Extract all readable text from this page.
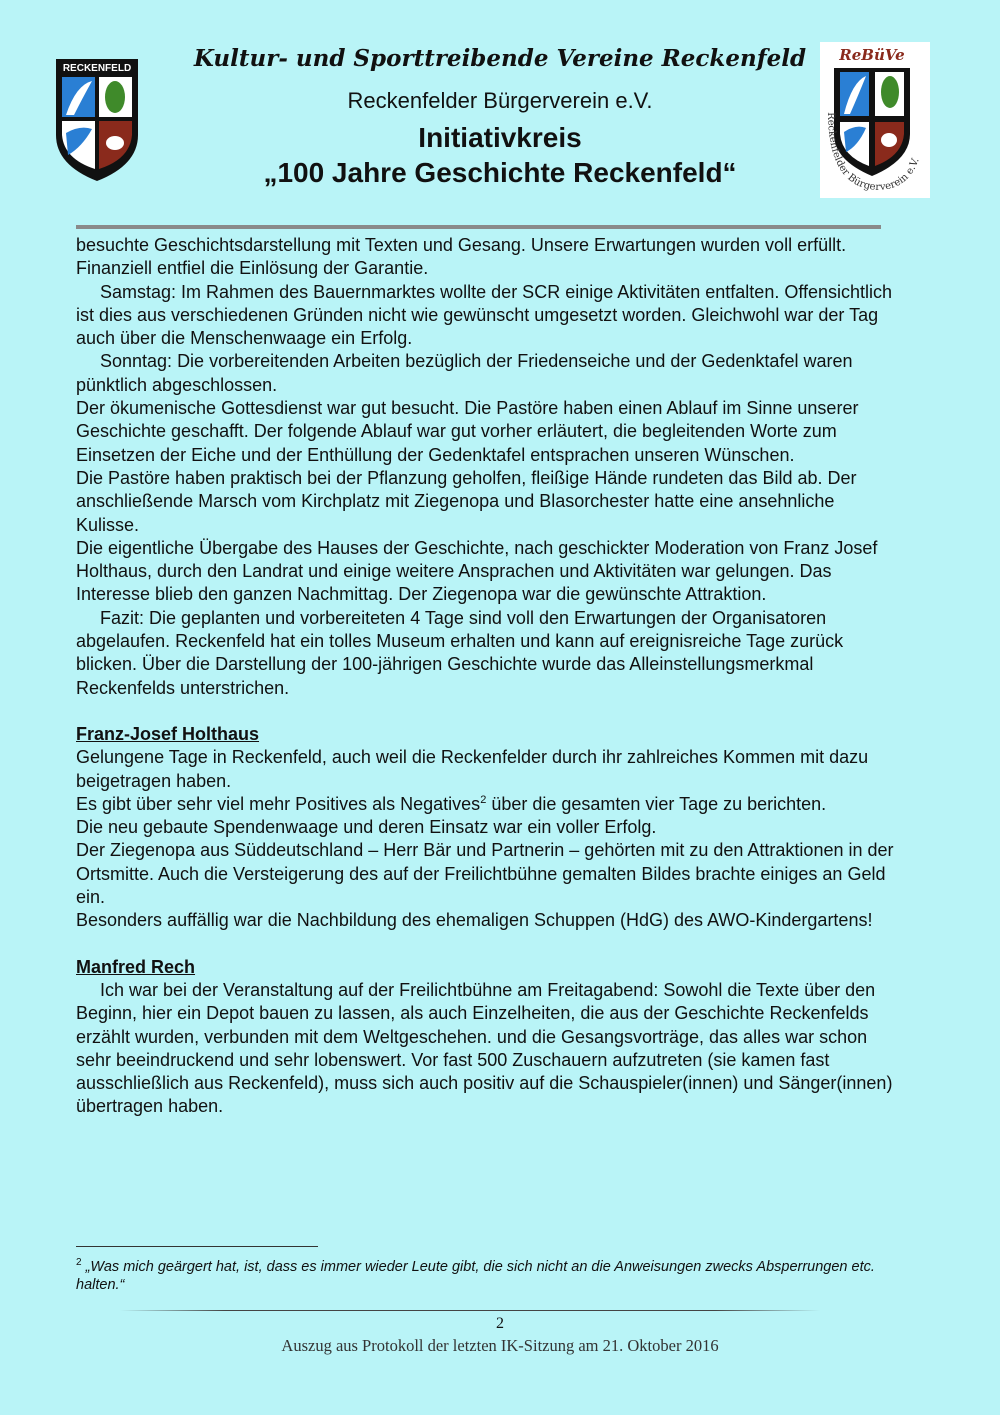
RECKENFELD
ReBüVe
Reckenfelder Bürgerverein e.V.
Kultur- und Sporttreibende Vereine Reckenfeld
Reckenfelder Bürgerverein e.V.
Initiativkreis
„100 Jahre Geschichte Reckenfeld“

besuchte Geschichtsdarstellung mit Texten und Gesang. Unsere Erwartungen wurden voll erfüllt. Finanziell entfiel die Einlösung der Garantie.

Samstag: Im Rahmen des Bauernmarktes wollte der SCR einige Aktivitäten entfalten. Offensichtlich ist dies aus verschiedenen Gründen nicht wie gewünscht umgesetzt worden. Gleichwohl war der Tag auch über die Menschenwaage ein Erfolg.

Sonntag: Die vorbereitenden Arbeiten bezüglich der Friedenseiche und der Gedenktafel waren pünktlich abgeschlossen.

Der ökumenische Gottesdienst war gut besucht. Die Pastöre haben einen Ablauf im Sinne unserer Geschichte geschafft. Der folgende Ablauf war gut vorher erläutert, die begleitenden Worte zum Einsetzen der Eiche und der Enthüllung der Gedenktafel entsprachen unseren Wünschen.

Die Pastöre haben praktisch bei der Pflanzung geholfen, fleißige Hände rundeten das Bild ab. Der anschließende Marsch vom Kirchplatz mit Ziegenopa und Blasorchester hatte eine ansehnliche Kulisse.

Die eigentliche Übergabe des Hauses der Geschichte, nach geschickter Moderation von Franz Josef Holthaus, durch den Landrat und einige weitere Ansprachen und Aktivitäten war gelungen. Das Interesse blieb den ganzen Nachmittag. Der Ziegenopa war die gewünschte Attraktion.

Fazit: Die geplanten und vorbereiteten 4 Tage sind voll den Erwartungen der Organisatoren abgelaufen. Reckenfeld hat ein tolles Museum erhalten und kann auf ereignisreiche Tage zurück blicken. Über die Darstellung der 100-jährigen Geschichte wurde das Alleinstellungsmerkmal Reckenfelds unterstrichen.

Franz-Josef Holthaus

Gelungene Tage in Reckenfeld, auch weil die Reckenfelder durch ihr zahlreiches Kommen mit dazu beigetragen haben.

Es gibt über sehr viel mehr Positives als Negatives$^2$ über die gesamten vier Tage zu berichten.

Die neu gebaute Spendenwaage und deren Einsatz war ein voller Erfolg.

Der Ziegenopa aus Süddeutschland – Herr Bär und Partnerin – gehörten mit zu den Attraktionen in der Ortsmitte. Auch die Versteigerung des auf der Freilichtbühne gemalten Bildes brachte einiges an Geld ein.

Besonders auffällig war die Nachbildung des ehemaligen Schuppen (HdG) des AWO-Kindergartens!

Manfred Rech

Ich war bei der Veranstaltung auf der Freilichtbühne am Freitagabend: Sowohl die Texte über den Beginn, hier ein Depot bauen zu lassen, als auch Einzelheiten, die aus der Geschichte Reckenfelds erzählt wurden, verbunden mit dem Weltgeschehen. und die Gesangsvorträge, das alles war schon sehr beeindruckend und sehr lobenswert. Vor fast 500 Zuschauern aufzutreten (sie kamen fast ausschließlich aus Reckenfeld), muss sich auch positiv auf die Schauspieler(innen) und Sänger(innen) übertragen haben.

$^2$ „Was mich geärgert hat, ist, dass es immer wieder Leute gibt, die sich nicht an die Anweisungen zwecks Absperrungen etc. halten.“
2
Auszug aus Protokoll der letzten IK-Sitzung am 21. Oktober 2016
